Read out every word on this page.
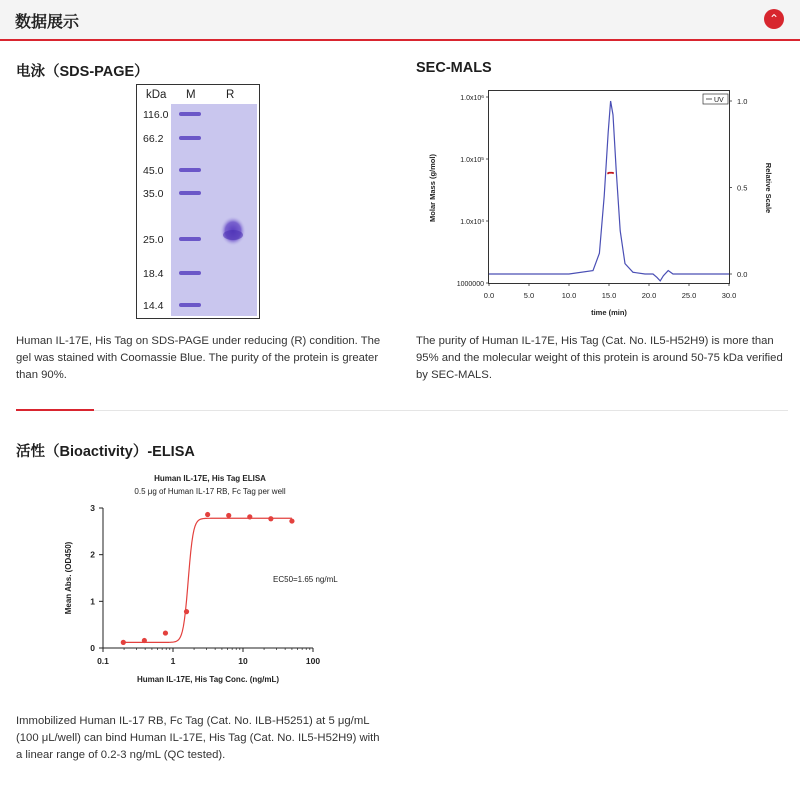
数据展示	⌃
电泳（SDS-PAGE）
kDa M	R
116.0
66.2
45.0
35.0
25.0
18.4
14.4
Human IL-17E, His Tag on SDS-PAGE under reducing (R) condition. The gel was stained with Coomassie Blue. The purity of the protein is greater than 90%.
SEC-MALS
0.0	5.0	10.0	15.0	20.0	25.0	30.0
1000000
$1.0x10^4$
$1.0x10^5$
$1.0x10^6$
0.0
0.5
1.0
UV
Molar Mass (g/mol)	Relative Scale
time (min)
The purity of Human IL-17E, His Tag (Cat. No. IL5-H52H9) is more than 95% and the molecular weight of this protein is around 50-75 kDa verified by SEC-MALS.
活性（Bioactivity）-ELISA
Human IL-17E, His Tag ELISA
0.5 μg of Human IL-17 RB, Fc Tag per well
0.1	1	10	100
0
1
2
3
EC50=1.65 ng/mL
Mean Abs. (OD450)
Human IL-17E, His Tag Conc. (ng/mL)
Immobilized Human IL-17 RB, Fc Tag (Cat. No. ILB-H5251) at 5 μg/mL (100 μL/well) can bind Human IL-17E, His Tag (Cat. No. IL5-H52H9) with a linear range of 0.2-3 ng/mL (QC tested).
